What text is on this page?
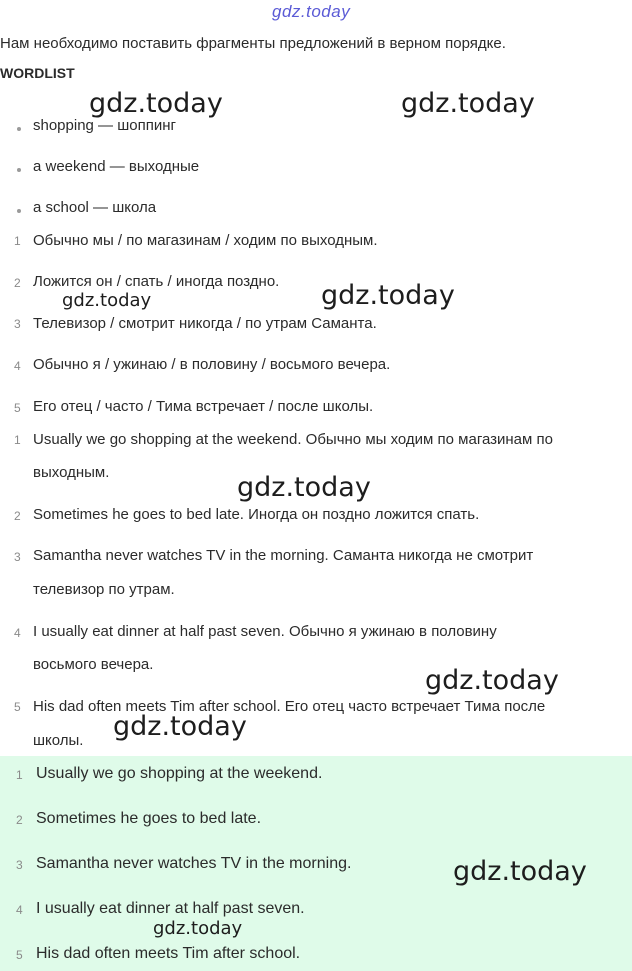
gdz.today
Нам необходимо поставить фрагменты предложений в верном порядке.
WORDLIST
shopping — шоппинг
a weekend — выходные
a school — школа
1 Обычно мы / по магазинам / ходим по выходным.
2 Ложится он / спать / иногда поздно.
3 Телевизор / смотрит никогда / по утрам Саманта.
4 Обычно я / ужинаю / в половину / восьмого вечера.
5 Его отец / часто / Тима встречает / после школы.
1 Usually we go shopping at the weekend. Обычно мы ходим по магазинам по
выходным.
2 Sometimes he goes to bed late. Иногда он поздно ложится спать.
3 Samantha never watches TV in the morning. Саманта никогда не смотрит
телевизор по утрам.
4 I usually eat dinner at half past seven. Обычно я ужинаю в половину
восьмого вечера.
5 His dad often meets Tim after school. Его отец часто встречает Тима после
школы.
1 Usually we go shopping at the weekend.
2 Sometimes he goes to bed late.
3 Samantha never watches TV in the morning.
4 I usually eat dinner at half past seven.
5 His dad often meets Tim after school.
gdz.today	gdz.today
gdz.today	gdz.today
gdz.today
gdz.today
gdz.today
gdz.today
gdz.today
